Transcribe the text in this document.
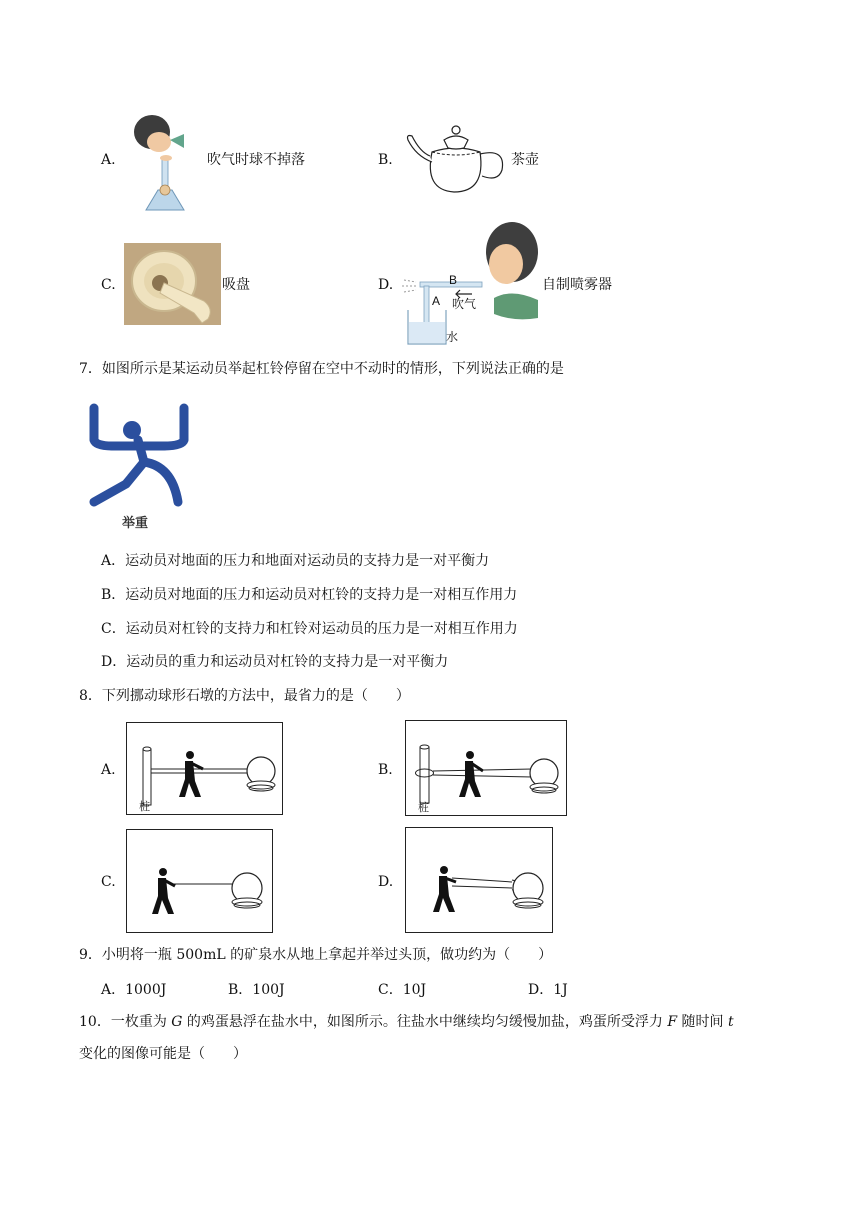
A.	吹气时球不掉落	B.	茶壶
C.	吸盘	D.	B
A 吹气
水
自制喷雾器
7．如图所示是某运动员举起杠铃停留在空中不动时的情形，下列说法正确的是
举重
A．运动员对地面的压力和地面对运动员的支持力是一对平衡力
B．运动员对地面的压力和运动员对杠铃的支持力是一对相互作用力
C．运动员对杠铃的支持力和杠铃对运动员的压力是一对相互作用力
D．运动员的重力和运动员对杠铃的支持力是一对平衡力
8．下列挪动球形石墩的方法中，最省力的是（　　）
A.
桩
B.
桩
C.	D.
9．小明将一瓶 500mL 的矿泉水从地上拿起并举过头顶，做功约为（　　）
A．1000J	B．100J	C．10J	D．1J
10．一枚重为 G 的鸡蛋悬浮在盐水中，如图所示。往盐水中继续均匀缓慢加盐，鸡蛋所受浮力 F 随时间 t
变化的图像可能是（　　）
